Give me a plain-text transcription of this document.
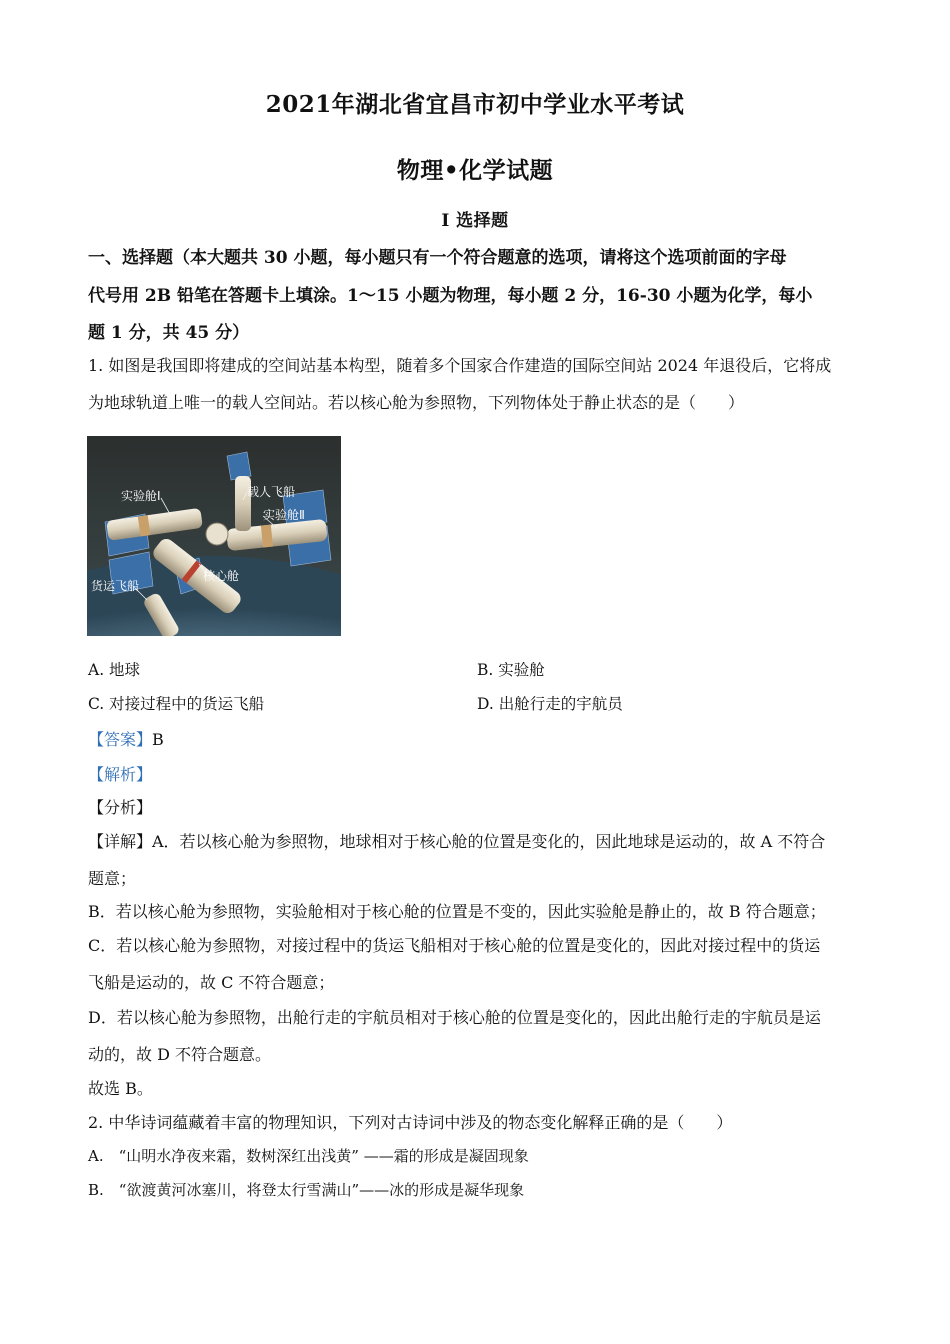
2021年湖北省宜昌市初中学业水平考试
物理•化学试题
I 选择题
一、选择题（本大题共 30 小题，每小题只有一个符合题意的选项，请将这个选项前面的字母
代号用 2B 铅笔在答题卡上填涂。1～15 小题为物理，每小题 2 分，16-30 小题为化学，每小
题 1 分，共 45 分）
1. 如图是我国即将建成的空间站基本构型，随着多个国家合作建造的国际空间站 2024 年退役后，它将成
为地球轨道上唯一的载人空间站。若以核心舱为参照物，下列物体处于静止状态的是（　　）
实验舱Ⅰ	载人飞船
实验舱Ⅱ
核心舱
货运飞船
A. 地球	B. 实验舱
C. 对接过程中的货运飞船	D. 出舱行走的宇航员
【答案】B
【解析】
【分析】
【详解】A．若以核心舱为参照物，地球相对于核心舱的位置是变化的，因此地球是运动的，故 A 不符合
题意；
B．若以核心舱为参照物，实验舱相对于核心舱的位置是不变的，因此实验舱是静止的，故 B 符合题意；
C．若以核心舱为参照物，对接过程中的货运飞船相对于核心舱的位置是变化的，因此对接过程中的货运
飞船是运动的，故 C 不符合题意；
D．若以核心舱为参照物，出舱行走的宇航员相对于核心舱的位置是变化的，因此出舱行走的宇航员是运
动的，故 D 不符合题意。
故选 B。
2. 中华诗词蕴藏着丰富的物理知识，下列对古诗词中涉及的物态变化解释正确的是（　　）
A.　“山明水净夜来霜，数树深红出浅黄” ——霜的形成是凝固现象
B.　“欲渡黄河冰塞川，将登太行雪满山”——冰的形成是凝华现象
